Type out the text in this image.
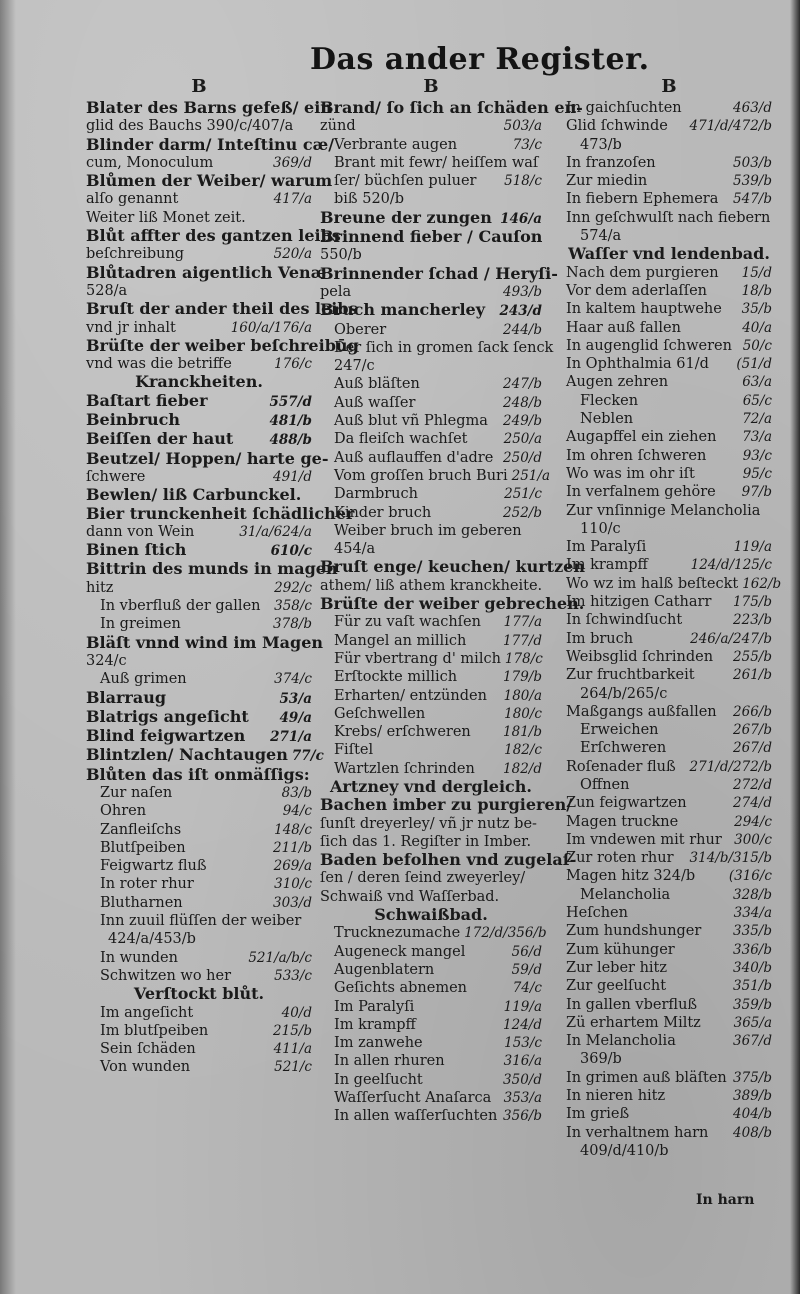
Das ander Register.
B
Blater des Barns gefeß/ ein
glid des Bauchs 390/c/407/a
Blinder darm/ Inteſtinu cæ/
cum, Monoculum	369/d
Blůmen der Weiber/ warum
alſo genannt	417/a
Weiter liß Monet zeit.
Blůt affter des gantzen leibs
beſchreibung	520/a
Blůtadren aigentlich Venæ
528/a
Bruſt der ander theil des leibs
vnd jr inhalt	160/a/176/a
Brüſte der weiber beſchreibūg
vnd was die betriffe	176/c
Kranckheiten.
Baſtart fieber	557/d
Beinbruch	481/b
Beiſſen der haut	488/b
Beutzel/ Hoppen/ harte ge-
ſchwere	491/d
Bewlen/ liß Carbunckel.
Bier trunckenheit ſchädlicher
dann von Wein	31/a/624/a
Binen ſtich	610/c
Bittrin des munds in magen
hitz	292/c
In vberfluß der gallen 358/c
In greimen	378/b
Bläſt vnnd wind im Magen
324/c
Auß grimen	374/c
Blarraug	53/a
Blatrigs angeſicht 49/a
Blind feigwartzen 271/a
Blintzlen/ Nachtaugen 77/c
Blůten das iſt onmäſſigs:
Zur naſen	83/b
Ohren	94/c
Zanfleiſchs	148/c
Blutſpeiben	211/b
Feigwartz fluß	269/a
In roter rhur	310/c
Blutharnen	303/d
Inn zuuil flüſſen der weiber
424/a/453/b
In wunden	521/a/b/c
Schwitzen wo her	533/c
Verſtockt blůt.
Im angeſicht	40/d
Im blutſpeiben	215/b
Sein ſchäden	411/a
Von wunden	521/c
B
Brand/ ſo ſich an ſchäden en-
zünd	503/a
Verbrante augen	73/c
Brant mit fewr/ heiſſem waſ
ſer/ büchſen puluer 518/c
biß 520/b
Breune der zungen 146/a
Brinnend fieber / Cauſon
550/b
Brinnender ſchad / Heryſi-
pela	493/b
Bruch mancherley 243/d
Oberer	244/b
Der ſich in gromen ſack ſenck
247/c
Auß bläſten	247/b
Auß waſſer	248/b
Auß blut vñ Phlegma 249/b
Da fleiſch wachſet	250/a
Auß auflauffen d'adre 250/d
Vom groſſen bruch Buri 251/a
Darmbruch	251/c
Kinder bruch	252/b
Weiber bruch im geberen
454/a
Bruſt enge/ keuchen/ kurtzen
athem/ liß athem kranckheite.
Brüſte der weiber gebrechen.
Für zu vaſt wachſen 177/a
Mangel an millich	177/d
Für vbertrang d' milch 178/c
Erſtockte millich	179/b
Erharten/ entzünden 180/a
Geſchwellen	180/c
Krebs/ erſchweren 181/b
Fiſtel	182/c
Wartzlen ſchrinden 182/d
Artzney vnd dergleich.
Bachen imber zu purgieren/
ſunſt dreyerley/ vñ jr nutz be-
ſich das 1. Regiſter in Imber.
Baden befolhen vnd zugelaſ-
ſen / deren ſeind zweyerley/
Schwaiß vnd Waſſerbad.
Schwaißbad.
Trucknezumache 172/d/356/b
Augeneck mangel	56/d
Augenblatern	59/d
Geſichts abnemen	74/c
Im Paralyſi	119/a
Im krampff	124/d
Im zanwehe	153/c
In allen rhuren	316/a
In geelſucht	350/d
Waſſerſucht Anaſarca 353/a
In allen waſſerſuchten 356/b
B
In gaichſuchten	463/d
Glid ſchwinde 471/d/472/b
473/b
In franzoſen	503/b
Zur miedin	539/b
In fiebern Ephemera 547/b
Inn geſchwulſt nach fiebern
574/a
Waſſer vnd lendenbad.
Nach dem purgieren 15/d
Vor dem aderlaſſen	18/b
In kaltem hauptwehe 35/b
Haar auß fallen	40/a
In augenglid ſchweren 50/c
In Ophthalmia 61/d (51/d
Augen zehren	63/a
Flecken	65/c
Neblen	72/a
Augapffel ein ziehen 73/a
Im ohren ſchweren	93/c
Wo was im ohr iſt	95/c
In verfalnem gehöre 97/b
Zur vnſinnige Melancholia
110/c
Im Paralyſi	119/a
Im krampff	124/d/125/c
Wo wz im halß beſteckt 162/b
Im hitzigen Catharr 175/b
In ſchwindſucht	223/b
Im bruch	246/a/247/b
Weibsglid ſchrinden 255/b
Zur fruchtbarkeit	261/b
264/b/265/c
Maßgangs außfallen 266/b
Erweichen	267/b
Erſchweren	267/d
Roſenader fluß 271/d/272/b
Offnen	272/d
Zun feigwartzen	274/d
Magen truckne	294/c
Im vndewen mit rhur 300/c
Zur roten rhur 314/b/315/b
Magen hitz 324/b (316/c
Melancholia	328/b
Heſchen	334/a
Zum hundshunger 335/b
Zum kühunger	336/b
Zur leber hitz	340/b
Zur geelſucht	351/b
In gallen vberfluß	359/b
Zü erhartem Miltz 365/a
In Melancholia	367/d
369/b
In grimen auß bläſten 375/b
In nieren hitz	389/b
Im grieß	404/b
In verhaltnem harn 408/b
409/d/410/b
In harn
